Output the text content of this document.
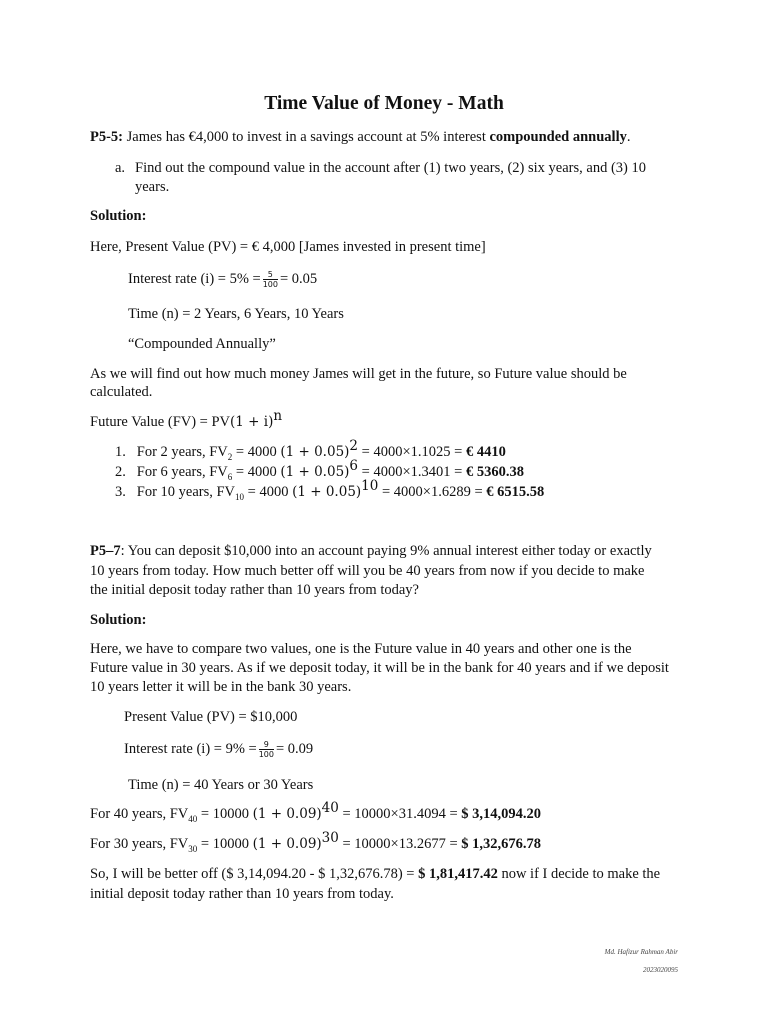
Time Value of Money - Math
P5-5: James has €4,000 to invest in a savings account at 5% interest compounded annually.
a. Find out the compound value in the account after (1) two years, (2) six years, and (3) 10
years.
Solution:
Here, Present Value (PV) = € 4,000 [James invested in present time]
Interest rate $(i) = 5\% = \frac{5}{100} = 0.05$
Time (n) = 2 Years, 6 Years, 10 Years
“Compounded Annually”
As we will find out how much money James will get in the future, so Future value should be
calculated.
Future Value $(FV) = PV(1 + i)^n$
1. For 2 years, $FV_2 = 4000$ $(1 + 0.05)^2 = 4000\times 1.1025$ = € 4410
2. For 6 years, $FV_6 = 4000$ $(1 + 0.05)^6 = 4000\times 1.3401$ = € 5360.38
3. For 10 years, $FV_{10} = 4000$ $(1 + 0.05)^{10} = 4000\times 1.6289$ = € 6515.58
P5–7: You can deposit $10,000 into an account paying 9% annual interest either today or exactly
10 years from today. How much better off will you be 40 years from now if you decide to make
the initial deposit today rather than 10 years from today?
Solution:
Here, we have to compare two values, one is the Future value in 40 years and other one is the
Future value in 30 years. As if we deposit today, it will be in the bank for 40 years and if we deposit
10 years letter it will be in the bank 30 years.
Present Value (PV) = $10,000
Interest rate $(i) = 9\% = \frac{9}{100} = 0.09$
Time (n) = 40 Years or 30 Years
For 40 years, $FV_{40} = 10000$ $(1 + 0.09)^{40} = 10000\times 31.4094$ = $ 3,14,094.20
For 30 years, $FV_{30} = 10000$ $(1 + 0.09)^{30} = 10000\times 13.2677$ = $ 1,32,676.78
So, I will be better off ($ 3,14,094.20 - $ 1,32,676.78) = $ 1,81,417.42 now if I decide to make the
initial deposit today rather than 10 years from today.
Md. Hafizur Rahman Abir
2023020095
